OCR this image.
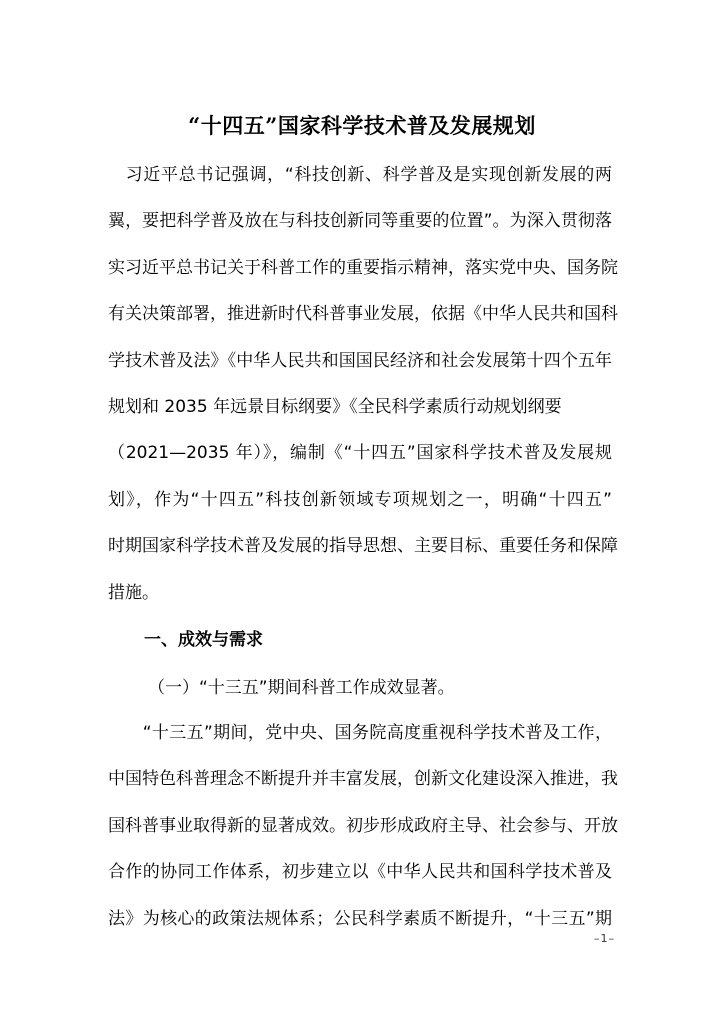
“十四五”国家科学技术普及发展规划
　习近平总书记强调，“科技创新、科学普及是实现创新发展的两
翼，要把科学普及放在与科技创新同等重要的位置”。为深入贯彻落
实习近平总书记关于科普工作的重要指示精神，落实党中央、国务院
有关决策部署，推进新时代科普事业发展，依据《中华人民共和国科
学技术普及法》《中华人民共和国国民经济和社会发展第十四个五年
规划和 2035 年远景目标纲要》《全民科学素质行动规划纲要
（2021—2035 年）》，编制《“十四五”国家科学技术普及发展规
划》，作为“十四五”科技创新领域专项规划之一，明确“十四五”
时期国家科学技术普及发展的指导思想、主要目标、重要任务和保障
措施。
一、成效与需求
（一）“十三五”期间科普工作成效显著。
　　“十三五”期间，党中央、国务院高度重视科学技术普及工作，
中国特色科普理念不断提升并丰富发展，创新文化建设深入推进，我
国科普事业取得新的显著成效。初步形成政府主导、社会参与、开放
合作的协同工作体系，初步建立以《中华人民共和国科学技术普及
法》为核心的政策法规体系；公民科学素质不断提升，“十三五”期
–1–
